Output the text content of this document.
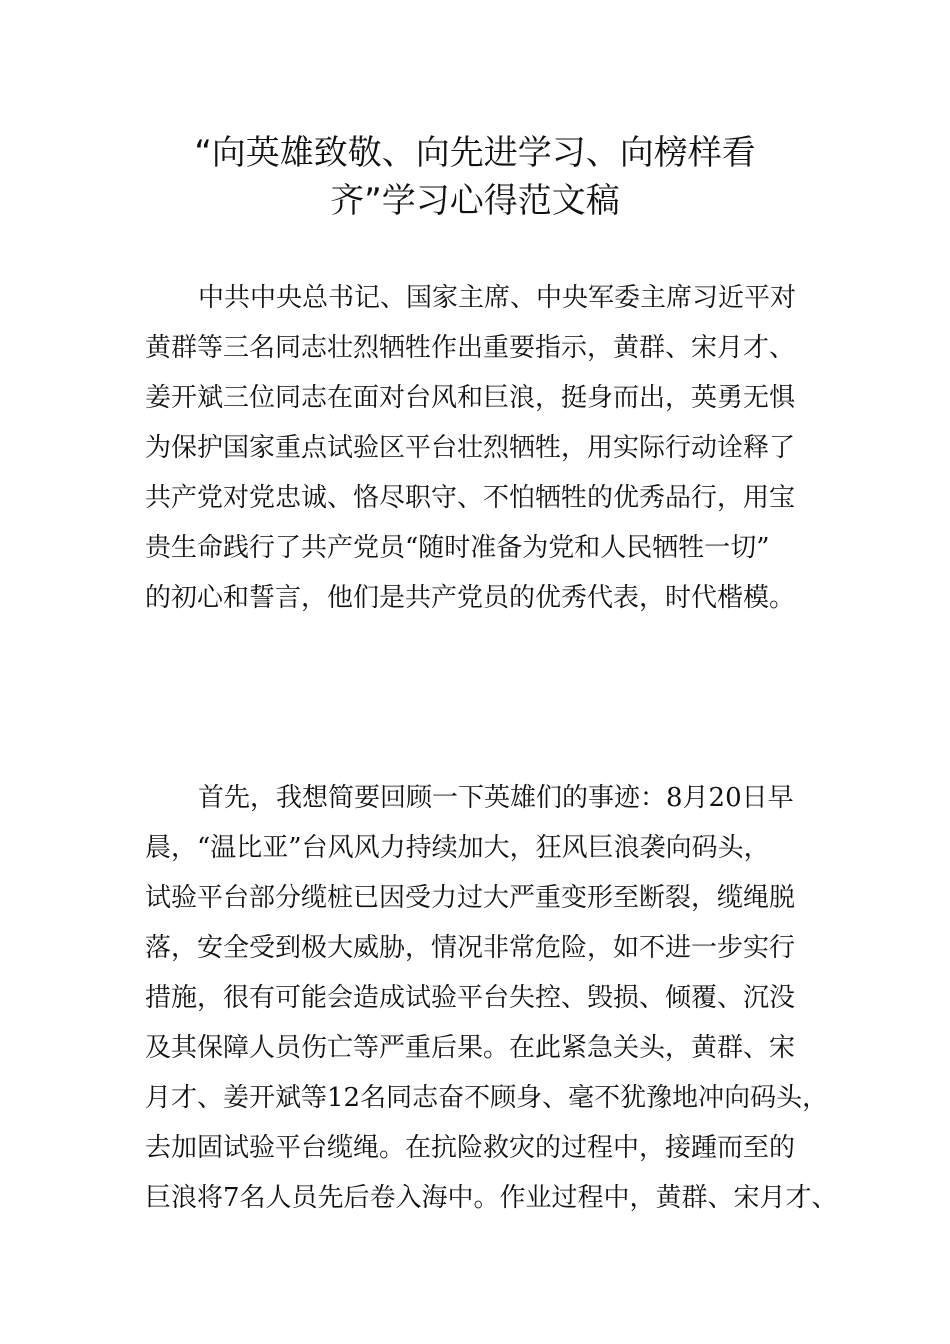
“向英雄致敬、向先进学习、向榜样看
齐”学习心得范文稿
中共中央总书记、国家主席、中央军委主席习近平对
黄群等三名同志壮烈牺牲作出重要指示，黄群、宋月才、
姜开斌三位同志在面对台风和巨浪，挺身而出，英勇无惧
为保护国家重点试验区平台壮烈牺牲，用实际行动诠释了
共产党对党忠诚、恪尽职守、不怕牺牲的优秀品行，用宝
贵生命践行了共产党员“随时准备为党和人民牺牲一切”
的初心和誓言，他们是共产党员的优秀代表，时代楷模。
首先，我想简要回顾一下英雄们的事迹：8月20日早
晨，“温比亚”台风风力持续加大，狂风巨浪袭向码头，
试验平台部分缆桩已因受力过大严重变形至断裂，缆绳脱
落，安全受到极大威胁，情况非常危险，如不进一步实行
措施，很有可能会造成试验平台失控、毁损、倾覆、沉没
及其保障人员伤亡等严重后果。在此紧急关头，黄群、宋
月才、姜开斌等12名同志奋不顾身、毫不犹豫地冲向码头，
去加固试验平台缆绳。在抗险救灾的过程中，接踵而至的
巨浪将7名人员先后卷入海中。作业过程中，黄群、宋月才、
